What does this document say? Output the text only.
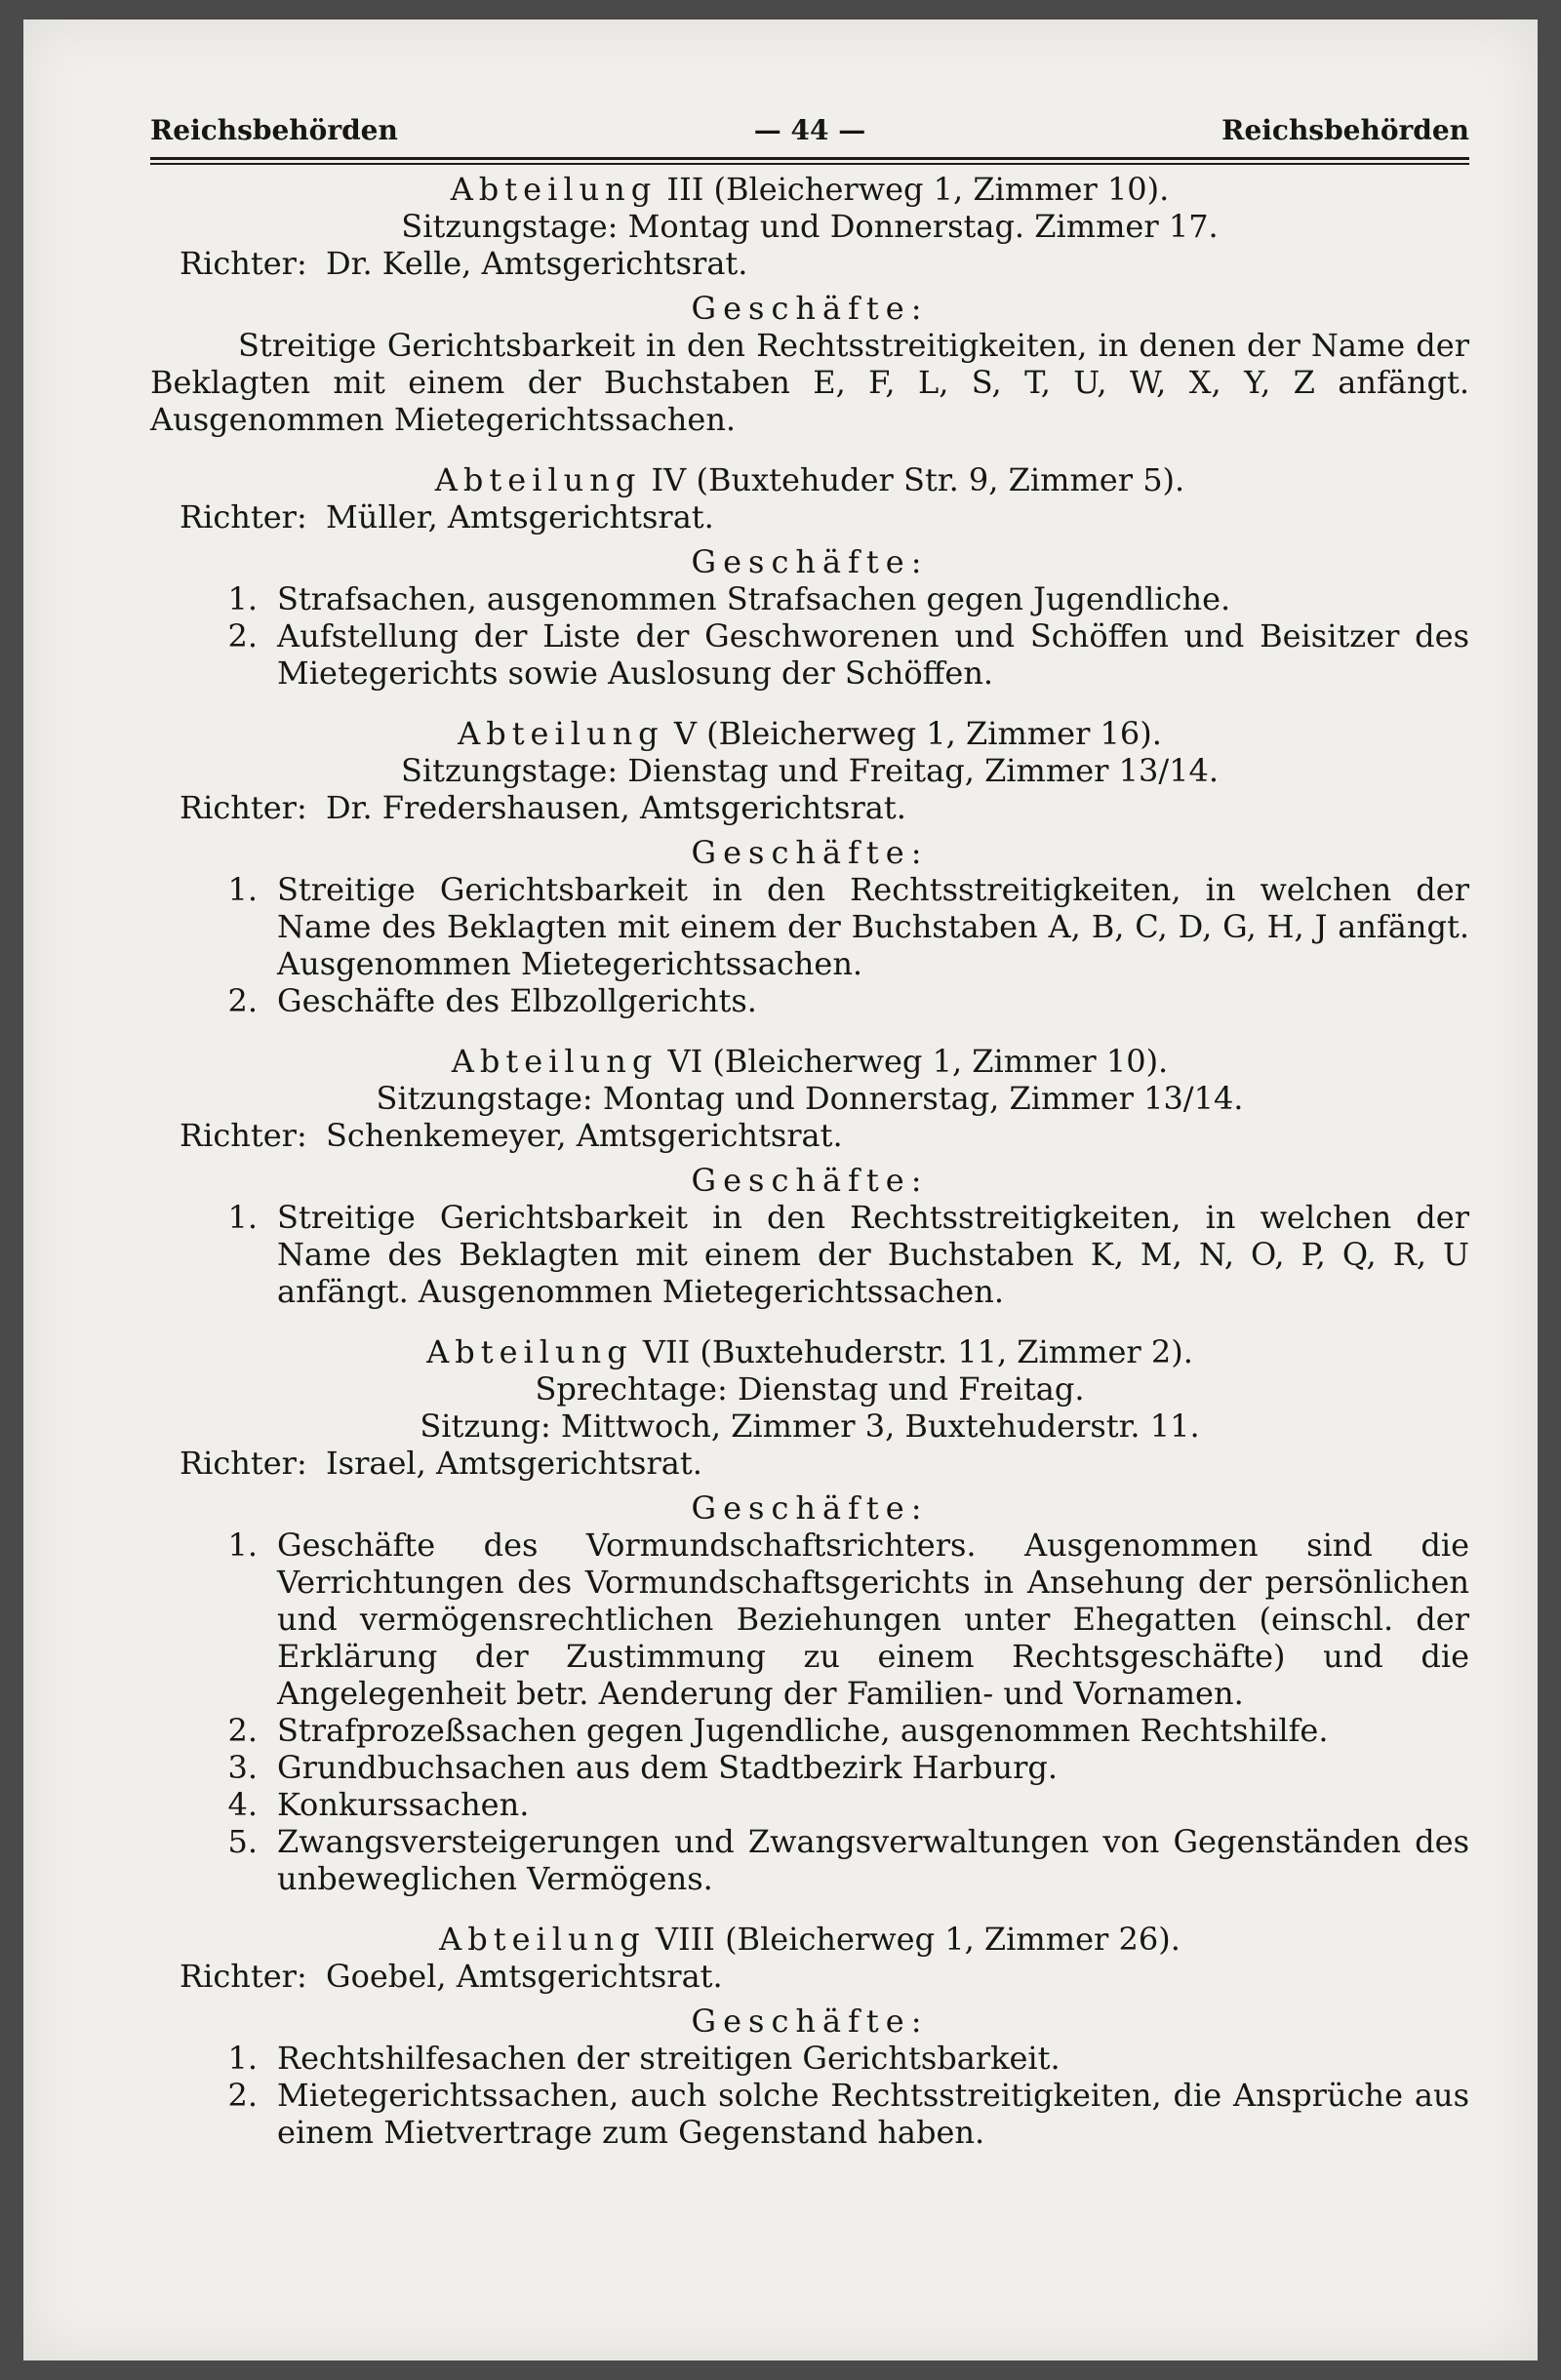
Reichsbehörden	— 44 —	Reichsbehörden
Abteilung III (Bleicherweg 1, Zimmer 10).
Sitzungstage: Montag und Donnerstag. Zimmer 17.
Richter: Dr. Kelle, Amtsgerichtsrat.
Geschäfte:
Streitige Gerichtsbarkeit in den Rechtsstreitigkeiten, in denen der Name der Beklagten mit einem der Buchstaben E, F, L, S, T, U, W, X, Y, Z anfängt. Ausgenommen Mietegerichtssachen.
Abteilung IV (Buxtehuder Str. 9, Zimmer 5).
Richter: Müller, Amtsgerichtsrat.
Geschäfte:
1. Strafsachen, ausgenommen Strafsachen gegen Jugendliche.
2. Aufstellung der Liste der Geschworenen und Schöffen und Beisitzer des Mietegerichts sowie Auslosung der Schöffen.
Abteilung V (Bleicherweg 1, Zimmer 16).
Sitzungstage: Dienstag und Freitag, Zimmer 13/14.
Richter: Dr. Fredershausen, Amtsgerichtsrat.
Geschäfte:
1. Streitige Gerichtsbarkeit in den Rechtsstreitigkeiten, in welchen der Name des Beklagten mit einem der Buchstaben A, B, C, D, G, H, J anfängt. Ausgenommen Mietegerichtssachen.
2. Geschäfte des Elbzollgerichts.
Abteilung VI (Bleicherweg 1, Zimmer 10).
Sitzungstage: Montag und Donnerstag, Zimmer 13/14.
Richter: Schenkemeyer, Amtsgerichtsrat.
Geschäfte:
1. Streitige Gerichtsbarkeit in den Rechtsstreitigkeiten, in welchen der Name des Beklagten mit einem der Buchstaben K, M, N, O, P, Q, R, U anfängt. Ausgenommen Mietegerichtssachen.
Abteilung VII (Buxtehuderstr. 11, Zimmer 2).
Sprechtage: Dienstag und Freitag.
Sitzung: Mittwoch, Zimmer 3, Buxtehuderstr. 11.
Richter: Israel, Amtsgerichtsrat.
Geschäfte:
1. Geschäfte des Vormundschaftsrichters. Ausgenommen sind die Verrichtungen des Vormundschaftsgerichts in Ansehung der persönlichen und vermögensrechtlichen Beziehungen unter Ehegatten (einschl. der Erklärung der Zustimmung zu einem Rechtsgeschäfte) und die Angelegenheit betr. Aenderung der Familien- und Vornamen.
2. Strafprozeßsachen gegen Jugendliche, ausgenommen Rechtshilfe.
3. Grundbuchsachen aus dem Stadtbezirk Harburg.
4. Konkurssachen.
5. Zwangsversteigerungen und Zwangsverwaltungen von Gegenständen des unbeweglichen Vermögens.
Abteilung VIII (Bleicherweg 1, Zimmer 26).
Richter: Goebel, Amtsgerichtsrat.
Geschäfte:
1. Rechtshilfesachen der streitigen Gerichtsbarkeit.
2. Mietegerichtssachen, auch solche Rechtsstreitigkeiten, die Ansprüche aus einem Mietvertrage zum Gegenstand haben.
